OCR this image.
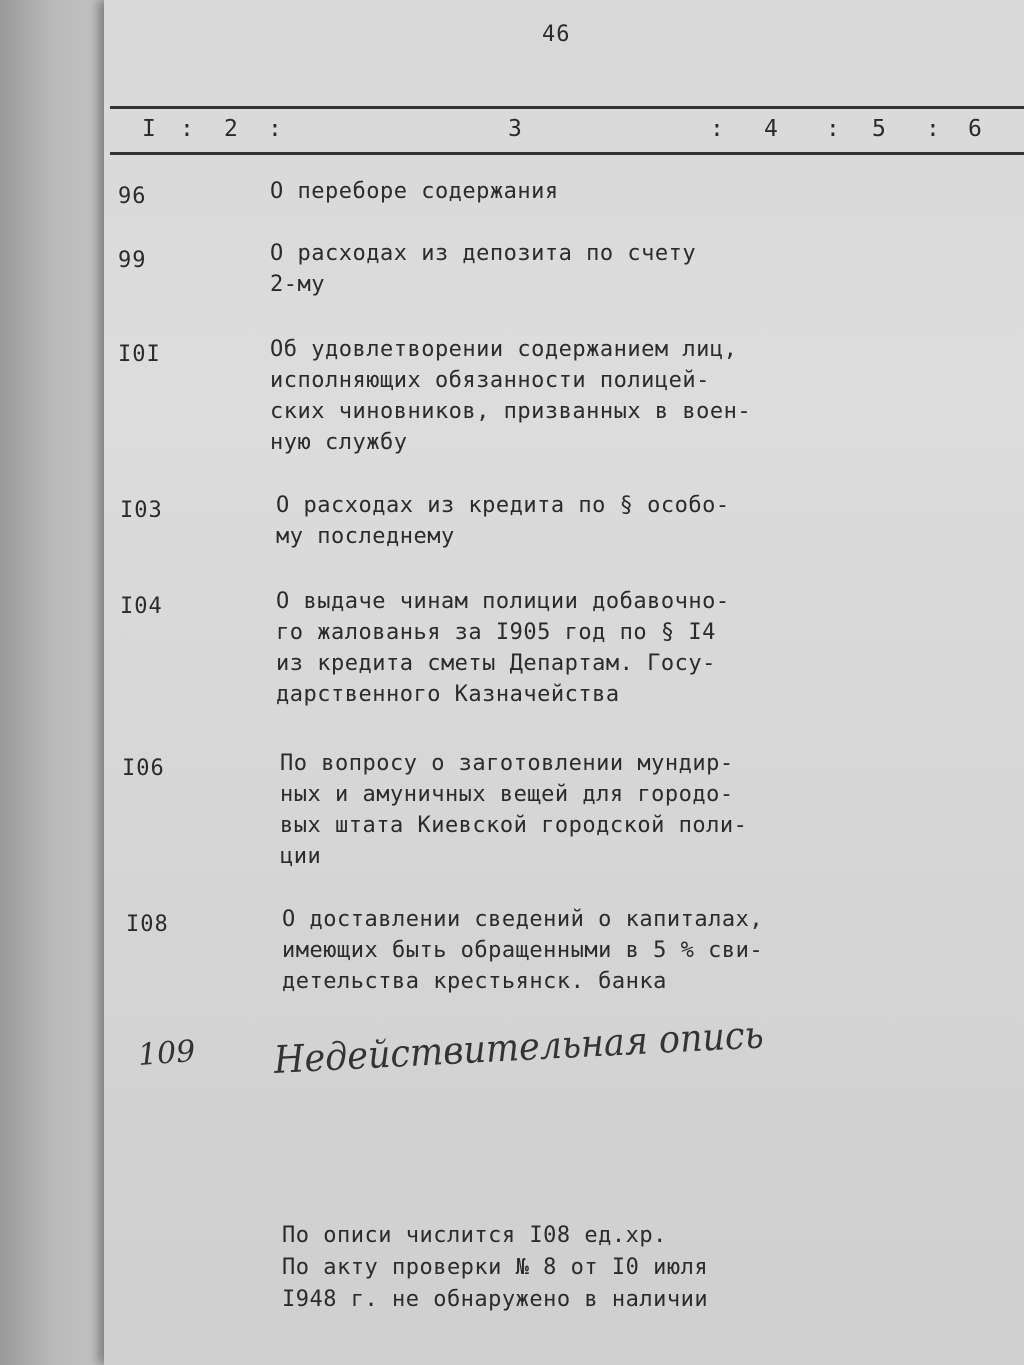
46
I : 2 :	3	: 4 : 5 : 6
96	О переборе содержания
99	О расходах из депозита по счету
2-му
I0I	Об удовлетворении содержанием лиц,
исполняющих обязанности полицей-
ских чиновников, призванных в воен-
ную службу
I03	О расходах из кредита по § особо-
му последнему
I04	О выдаче чинам полиции добавочно-
го жалованья за I905 год по § I4
из кредита сметы Департам. Госу-
дарственного Казначейства
I06	По вопросу о заготовлении мундир-
ных и амуничных вещей для городо-
вых штата Киевской городской поли-
ции
I08	О доставлении сведений о капиталах,
имеющих быть обращенными в 5 % сви-
детельства крестьянск. банка
109 Недействительная опись
По описи числится I08 ед.хр.
По акту проверки № 8 от I0 июля
I948 г. не обнаружено в наличии
